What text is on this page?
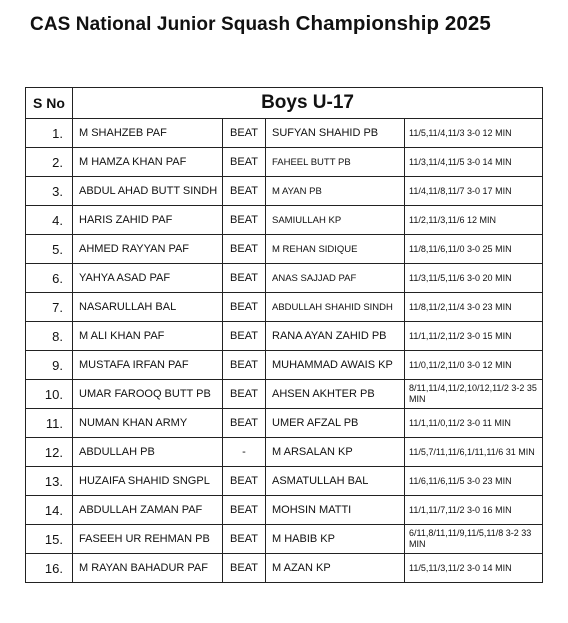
CAS National Junior Squash Championship 2025
S No	Boys U-17			
1.	M SHAHZEB PAF	BEAT	SUFYAN SHAHID PB	11/5,11/4,11/3 3-0 12 MIN
2.	M HAMZA KHAN PAF	BEAT	FAHEEL BUTT PB	11/3,11/4,11/5 3-0 14 MIN
3.	ABDUL AHAD BUTT SINDH	BEAT	M AYAN PB	11/4,11/8,11/7 3-0 17 MIN
4.	HARIS ZAHID PAF	BEAT	SAMIULLAH KP	11/2,11/3,11/6 12 MIN
5.	AHMED RAYYAN PAF	BEAT	M REHAN SIDIQUE	11/8,11/6,11/0 3-0 25 MIN
6.	YAHYA ASAD PAF	BEAT	ANAS SAJJAD PAF	11/3,11/5,11/6 3-0 20 MIN
7.	NASARULLAH BAL	BEAT	ABDULLAH SHAHID SINDH	11/8,11/2,11/4 3-0 23 MIN
8.	M ALI KHAN PAF	BEAT	RANA AYAN ZAHID PB	11/1,11/2,11/2 3-0 15 MIN
9.	MUSTAFA IRFAN PAF	BEAT	MUHAMMAD AWAIS KP	11/0,11/2,11/0 3-0 12 MIN
10.	UMAR FAROOQ BUTT PB	BEAT	AHSEN AKHTER PB	8/11,11/4,11/2,10/12,11/2 3-2 35 MIN
11.	NUMAN KHAN ARMY	BEAT	UMER AFZAL PB	11/1,11/0,11/2 3-0 11 MIN
12.	ABDULLAH PB	-	M ARSALAN KP	11/5,7/11,11/6,1/11,11/6 31 MIN
13.	HUZAIFA SHAHID SNGPL	BEAT	ASMATULLAH BAL	11/6,11/6,11/5 3-0 23 MIN
14.	ABDULLAH ZAMAN PAF	BEAT	MOHSIN MATTI	11/1,11/7,11/2 3-0 16 MIN
15.	FASEEH UR REHMAN PB	BEAT	M HABIB KP	6/11,8/11,11/9,11/5,11/8 3-2 33 MIN
16.	M RAYAN BAHADUR PAF	BEAT	M AZAN KP	11/5,11/3,11/2 3-0 14 MIN
